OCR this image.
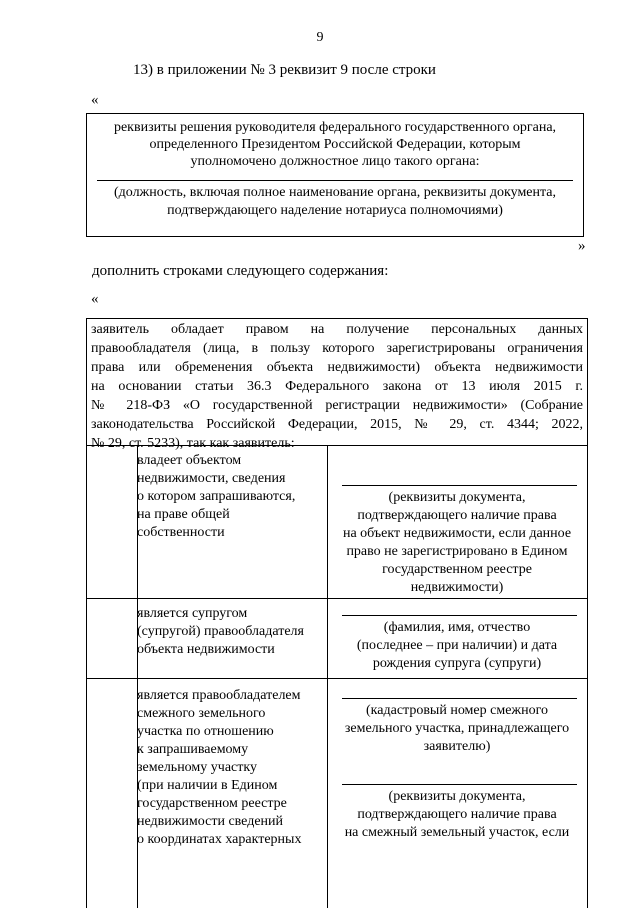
9
13) в приложении № 3 реквизит 9 после строки
«
реквизиты решения руководителя федерального государственного органа,
определенного Президентом Российской Федерации, которым
уполномочено должностное лицо такого органа:
(должность, включая полное наименование органа, реквизиты документа,
подтверждающего наделение нотариуса полномочиями)
»
дополнить строками следующего содержания:
«
заявитель обладает правом на получение персональных данных
правообладателя (лица, в пользу которого зарегистрированы ограничения
права или обременения объекта недвижимости) объекта недвижимости
на основании статьи 36.3 Федерального закона от 13 июля 2015 г.
№ 218-ФЗ «О государственной регистрации недвижимости» (Собрание
законодательства Российской Федерации, 2015, № 29, ст. 4344; 2022,
№ 29, ст. 5233), так как заявитель:
владеет объектом
недвижимости, сведения
о котором запрашиваются,
на праве общей
собственности
(реквизиты документа,
подтверждающего наличие права
на объект недвижимости, если данное
право не зарегистрировано в Едином
государственном реестре
недвижимости)
является супругом
(супругой) правообладателя
объекта недвижимости
(фамилия, имя, отчество
(последнее – при наличии) и дата
рождения супруга (супруги)
является правообладателем
смежного земельного
участка по отношению
к запрашиваемому
земельному участку
(при наличии в Едином
государственном реестре
недвижимости сведений
о координатах характерных
(кадастровый номер смежного
земельного участка, принадлежащего
заявителю)
(реквизиты документа,
подтверждающего наличие права
на смежный земельный участок, если
